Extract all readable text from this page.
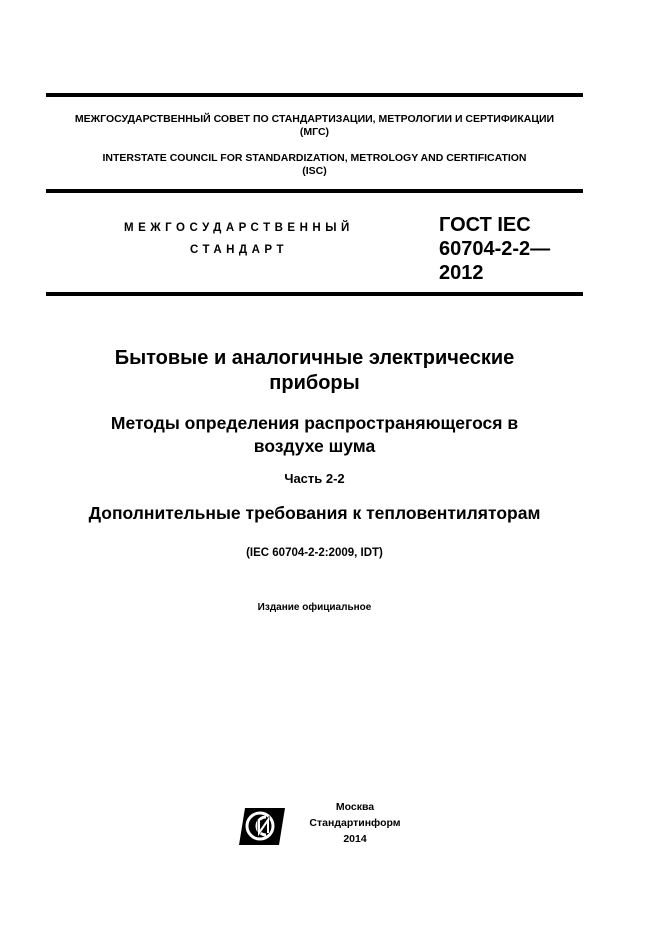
МЕЖГОСУДАРСТВЕННЫЙ СОВЕТ ПО СТАНДАРТИЗАЦИИ, МЕТРОЛОГИИ И СЕРТИФИКАЦИИ
(МГС)
INTERSTATE COUNCIL FOR STANDARDIZATION, METROLOGY AND CERTIFICATION
(ISC)
МЕЖГОСУДАРСТВЕННЫЙ
СТАНДАРТ
ГОСТ IEC
60704-2-2—
2012
Бытовые и аналогичные электрические
приборы
Методы определения распространяющегося в
воздухе шума
Часть 2-2
Дополнительные требования к тепловентиляторам
(IEC 60704-2-2:2009, IDT)
Издание официальное
Москва
Стандартинформ
2014
